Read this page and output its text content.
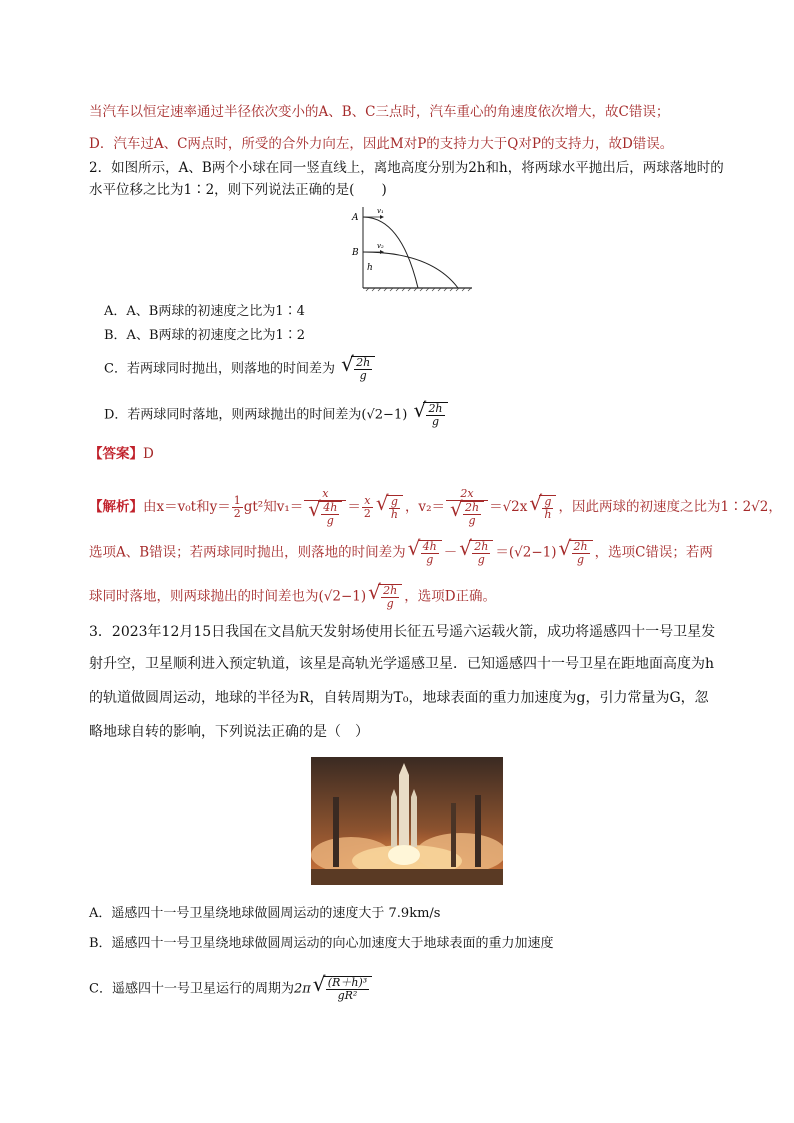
当汽车以恒定速率通过半径依次变小的A、B、C三点时，汽车重心的角速度依次增大，故C错误；
D．汽车过A、C两点时，所受的合外力向左，因此M对P的支持力大于Q对P的支持力，故D错误。
2．如图所示，A、B两个小球在同一竖直线上，离地高度分别为2h和h，将两球水平抛出后，两球落地时的
水平位移之比为1∶2，则下列说法正确的是(　　)
A
B
h
v₁
v₂
A．A、B两球的初速度之比为1∶4
B．A、B两球的初速度之比为1∶2
C．若两球同时抛出，则落地的时间差为 √ $\frac{2h}{g}$
D．若两球同时落地，则两球抛出的时间差为(√2−1) √ $\frac{2h}{g}$
【答案】D
【解析】由x＝v₀t和$y= \frac{1}{2} gt^2$知$v_1= \frac{x}{√ \frac{4h}{g}} = \frac{x}{2}$ √ $\frac{g}{h}$ ，$v_2= \frac{2x}{√ \frac{2h}{g}} =√2x$ √ $\frac{g}{h}$ ，因此两球的初速度之比为1∶2√2，
选项A、B错误；若两球同时抛出，则落地的时间差为 √ $\frac{4h}{g}$ － √ $\frac{2h}{g} =(√2-1)$ √ $\frac{2h}{g}$ ，选项C错误；若两
球同时落地，则两球抛出的时间差也为(√2−1) √ $\frac{2h}{g}$ ，选项D正确。
3．2023年12月15日我国在文昌航天发射场使用长征五号遥六运载火箭，成功将遥感四十一号卫星发
射升空，卫星顺利进入预定轨道，该星是高轨光学遥感卫星．已知遥感四十一号卫星在距地面高度为h
的轨道做圆周运动，地球的半径为R，自转周期为T₀，地球表面的重力加速度为g，引力常量为G，忽
略地球自转的影响，下列说法正确的是（　）
A．遥感四十一号卫星绕地球做圆周运动的速度大于 7.9km/s
B．遥感四十一号卫星绕地球做圆周运动的向心加速度大于地球表面的重力加速度
C．遥感四十一号卫星运行的周期为2π √ $\frac{\text{(R＋h)³}}{\text{gR²}}$
